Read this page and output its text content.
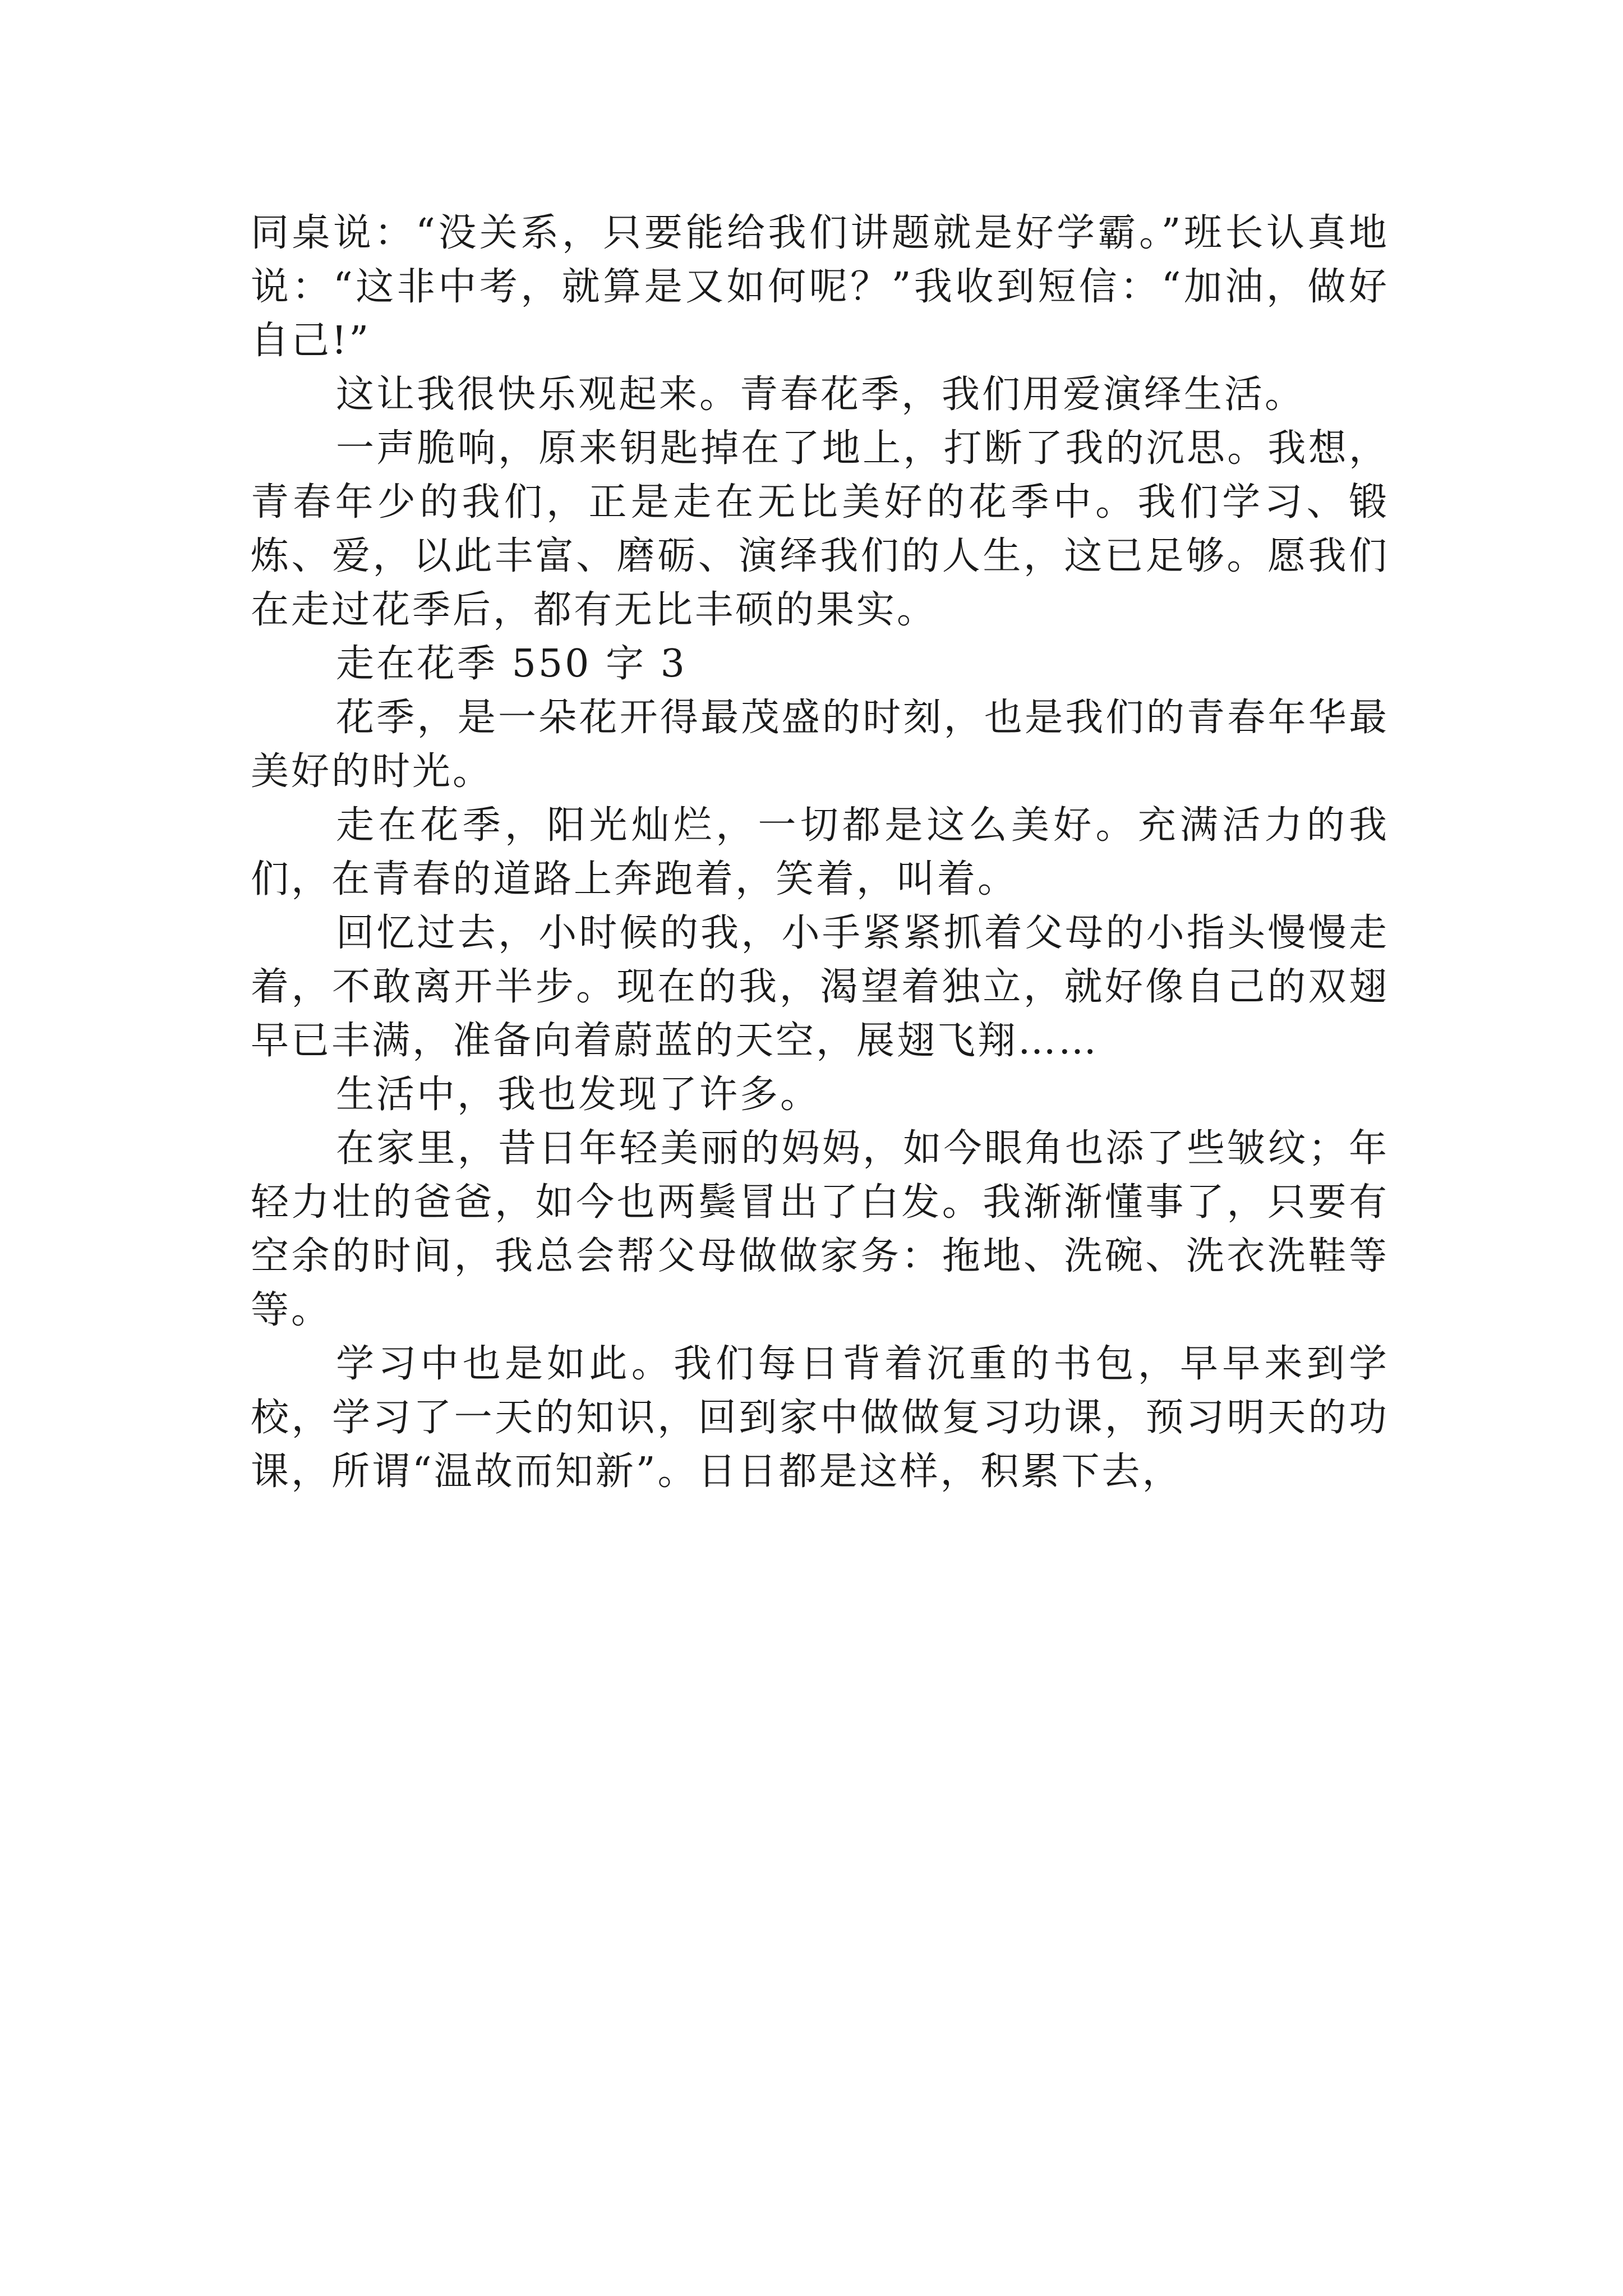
同桌说：“没关系，只要能给我们讲题就是好学霸。”班长认真地说：“这非中考，就算是又如何呢？”我收到短信：“加油，做好自己!”

这让我很快乐观起来。青春花季，我们用爱演绎生活。

一声脆响，原来钥匙掉在了地上，打断了我的沉思。我想，青春年少的我们，正是走在无比美好的花季中。我们学习、锻炼、爱，以此丰富、磨砺、演绎我们的人生，这已足够。愿我们在走过花季后，都有无比丰硕的果实。

走在花季 550 字 3

花季，是一朵花开得最茂盛的时刻，也是我们的青春年华最美好的时光。

走在花季，阳光灿烂，一切都是这么美好。充满活力的我们，在青春的道路上奔跑着，笑着，叫着。

回忆过去，小时候的我，小手紧紧抓着父母的小指头慢慢走着，不敢离开半步。现在的我，渴望着独立，就好像自己的双翅早已丰满，准备向着蔚蓝的天空，展翅飞翔……

生活中，我也发现了许多。

在家里，昔日年轻美丽的妈妈，如今眼角也添了些皱纹；年轻力壮的爸爸，如今也两鬓冒出了白发。我渐渐懂事了，只要有空余的时间，我总会帮父母做做家务：拖地、洗碗、洗衣洗鞋等等。

学习中也是如此。我们每日背着沉重的书包，早早来到学校，学习了一天的知识，回到家中做做复习功课，预习明天的功课，所谓“温故而知新”。日日都是这样，积累下去，
